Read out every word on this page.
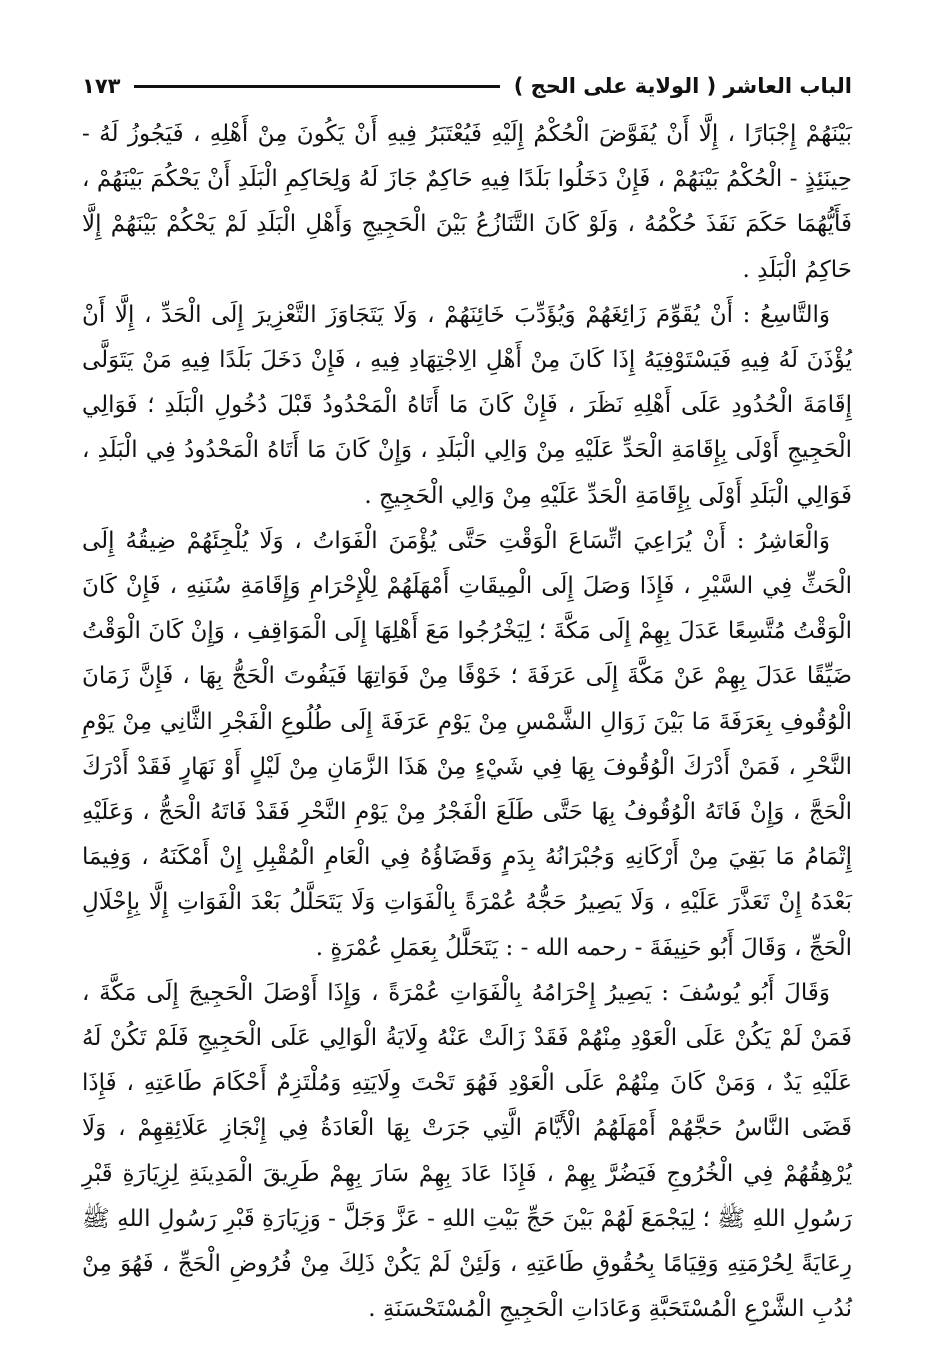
الباب العاشر ( الولاية على الحج )
١٧٣

بَيْنَهُمْ إِجْبَارًا ، إِلَّا أَنْ يُفَوَّضَ الْحُكْمُ إِلَيْهِ فَيُعْتَبَرُ فِيهِ أَنْ يَكُونَ مِنْ أَهْلِهِ ، فَيَجُوزُ لَهُ - حِينَئِذٍ - الْحُكْمُ بَيْنَهُمْ ، فَإِنْ دَخَلُوا بَلَدًا فِيهِ حَاكِمٌ جَازَ لَهُ وَلِحَاكِمِ الْبَلَدِ أَنْ يَحْكُمَ بَيْنَهُمْ ، فَأَيُّهُمَا حَكَمَ نَفَذَ حُكْمُهُ ، وَلَوْ كَانَ التَّنَازُعُ بَيْنَ الْحَجِيجِ وَأَهْلِ الْبَلَدِ لَمْ يَحْكُمْ بَيْنَهُمْ إِلَّا حَاكِمُ الْبَلَدِ .

وَالتَّاسِعُ : أَنْ يُقَوِّمَ زَائِغَهُمْ وَيُؤَدِّبَ خَائِنَهُمْ ، وَلَا يَتَجَاوَزَ التَّعْزِيرَ إِلَى الْحَدِّ ، إِلَّا أَنْ يُؤْذَنَ لَهُ فِيهِ فَيَسْتَوْفِيَهُ إِذَا كَانَ مِنْ أَهْلِ الِاجْتِهَادِ فِيهِ ، فَإِنْ دَخَلَ بَلَدًا فِيهِ مَنْ يَتَوَلَّى إِقَامَةَ الْحُدُودِ عَلَى أَهْلِهِ نَظَرَ ، فَإِنْ كَانَ مَا أَتَاهُ الْمَحْدُودُ قَبْلَ دُخُولِ الْبَلَدِ ؛ فَوَالِي الْحَجِيجِ أَوْلَى بِإِقَامَةِ الْحَدِّ عَلَيْهِ مِنْ وَالِي الْبَلَدِ ، وَإِنْ كَانَ مَا أَتَاهُ الْمَحْدُودُ فِي الْبَلَدِ ، فَوَالِي الْبَلَدِ أَوْلَى بِإِقَامَةِ الْحَدِّ عَلَيْهِ مِنْ وَالِي الْحَجِيجِ .

وَالْعَاشِرُ : أَنْ يُرَاعِيَ اتِّسَاعَ الْوَقْتِ حَتَّى يُؤْمَنَ الْفَوَاتُ ، وَلَا يُلْجِئَهُمْ ضِيقُهُ إِلَى الْحَثِّ فِي السَّيْرِ ، فَإِذَا وَصَلَ إِلَى الْمِيقَاتِ أَمْهَلَهُمْ لِلْإِحْرَامِ وَإِقَامَةِ سُنَنِهِ ، فَإِنْ كَانَ الْوَقْتُ مُتَّسِعًا عَدَلَ بِهِمْ إِلَى مَكَّةَ ؛ لِيَخْرُجُوا مَعَ أَهْلِهَا إِلَى الْمَوَاقِفِ ، وَإِنْ كَانَ الْوَقْتُ ضَيِّقًا عَدَلَ بِهِمْ عَنْ مَكَّةَ إِلَى عَرَفَةَ ؛ خَوْفًا مِنْ فَوَاتِهَا فَيَفُوتَ الْحَجُّ بِهَا ، فَإِنَّ زَمَانَ الْوُقُوفِ بِعَرَفَةَ مَا بَيْنَ زَوَالِ الشَّمْسِ مِنْ يَوْمِ عَرَفَةَ إِلَى طُلُوعِ الْفَجْرِ الثَّانِي مِنْ يَوْمِ النَّحْرِ ، فَمَنْ أَدْرَكَ الْوُقُوفَ بِهَا فِي شَيْءٍ مِنْ هَذَا الزَّمَانِ مِنْ لَيْلٍ أَوْ نَهَارٍ فَقَدْ أَدْرَكَ الْحَجَّ ، وَإِنْ فَاتَهُ الْوُقُوفُ بِهَا حَتَّى طَلَعَ الْفَجْرُ مِنْ يَوْمِ النَّحْرِ فَقَدْ فَاتَهُ الْحَجُّ ، وَعَلَيْهِ إِتْمَامُ مَا بَقِيَ مِنْ أَرْكَانِهِ وَجُبْرَانُهُ بِدَمٍ وَقَضَاؤُهُ فِي الْعَامِ الْمُقْبِلِ إِنْ أَمْكَنَهُ ، وَفِيمَا بَعْدَهُ إِنْ تَعَذَّرَ عَلَيْهِ ، وَلَا يَصِيرُ حَجُّهُ عُمْرَةً بِالْفَوَاتِ وَلَا يَتَحَلَّلُ بَعْدَ الْفَوَاتِ إِلَّا بِإِحْلَالِ الْحَجِّ ، وَقَالَ أَبُو حَنِيفَةَ - رحمه الله - : يَتَحَلَّلُ بِعَمَلِ عُمْرَةٍ .

وَقَالَ أَبُو يُوسُفَ : يَصِيرُ إِحْرَامُهُ بِالْفَوَاتِ عُمْرَةً ، وَإِذَا أَوْصَلَ الْحَجِيجَ إِلَى مَكَّةَ ، فَمَنْ لَمْ يَكُنْ عَلَى الْعَوْدِ مِنْهُمْ فَقَدْ زَالَتْ عَنْهُ وِلَايَةُ الْوَالِي عَلَى الْحَجِيجِ فَلَمْ تَكُنْ لَهُ عَلَيْهِ يَدٌ ، وَمَنْ كَانَ مِنْهُمْ عَلَى الْعَوْدِ فَهُوَ تَحْتَ وِلَايَتِهِ وَمُلْتَزِمٌ أَحْكَامَ طَاعَتِهِ ، فَإِذَا قَضَى النَّاسُ حَجَّهُمْ أَمْهَلَهُمُ الْأَيَّامَ الَّتِي جَرَتْ بِهَا الْعَادَةُ فِي إِنْجَازِ عَلَائِقِهِمْ ، وَلَا يُرْهِقُهُمْ فِي الْخُرُوجِ فَيَضُرَّ بِهِمْ ، فَإِذَا عَادَ بِهِمْ سَارَ بِهِمْ طَرِيقَ الْمَدِينَةِ لِزِيَارَةِ قَبْرِ رَسُولِ اللهِ ﷺ ؛ لِيَجْمَعَ لَهُمْ بَيْنَ حَجِّ بَيْتِ اللهِ - عَزَّ وَجَلَّ - وَزِيَارَةِ قَبْرِ رَسُولِ اللهِ ﷺ رِعَايَةً لِحُرْمَتِهِ وَقِيَامًا بِحُقُوقِ طَاعَتِهِ ، وَلَئِنْ لَمْ يَكُنْ ذَلِكَ مِنْ فُرُوضِ الْحَجِّ ، فَهُوَ مِنْ نُدُبِ الشَّرْعِ الْمُسْتَحَبَّةِ وَعَادَاتِ الْحَجِيجِ الْمُسْتَحْسَنَةِ .
